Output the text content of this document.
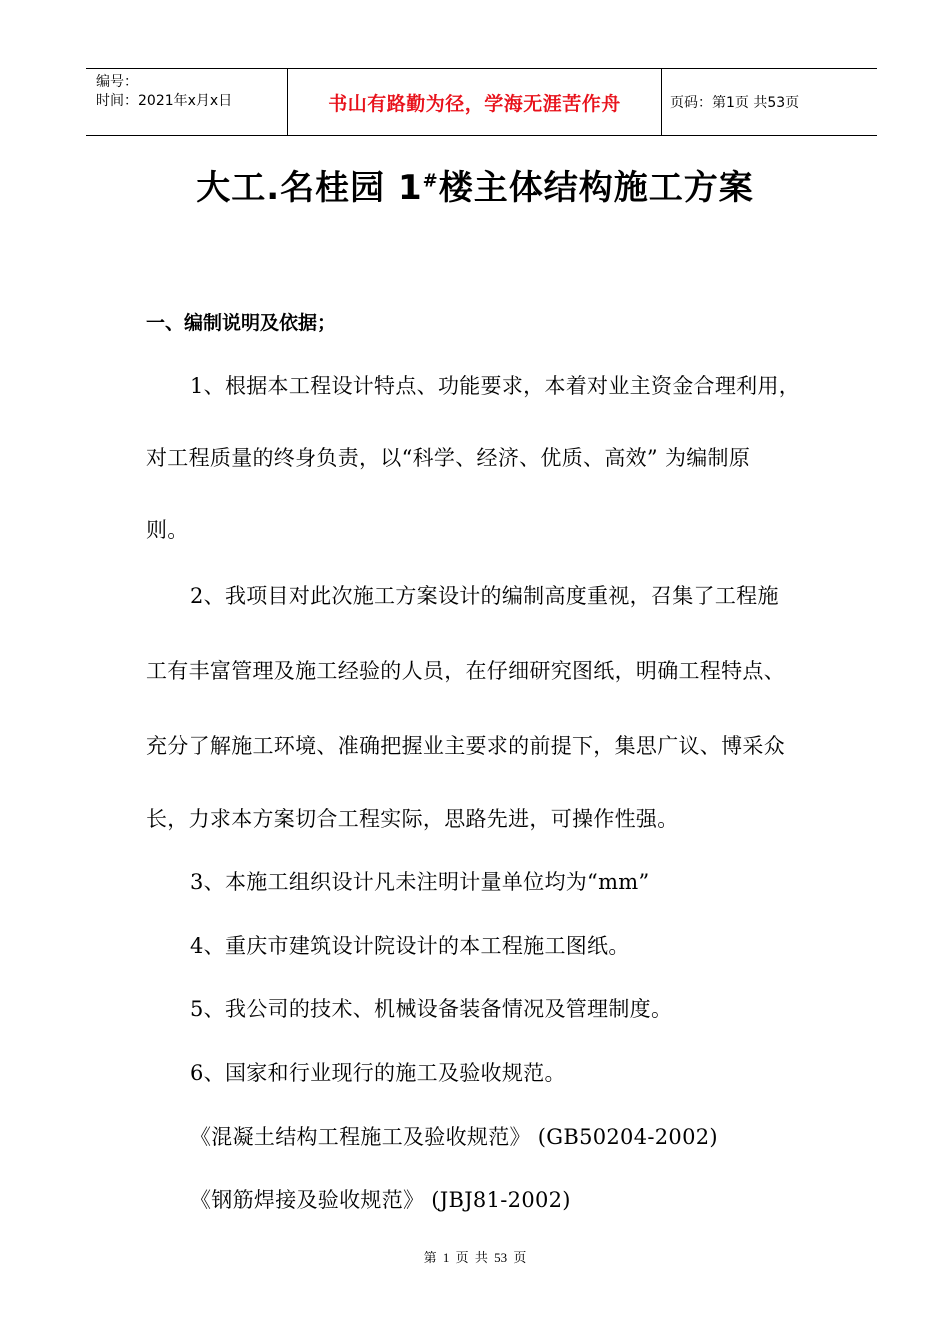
编号：
时间：2021年x月x日	书山有路勤为径，学海无涯苦作舟	页码：第1页 共53页
大工.名桂园 1#楼主体结构施工方案
一、编制说明及依据；
1、根据本工程设计特点、功能要求，本着对业主资金合理利用，
对工程质量的终身负责，以“科学、经济、优质、高效” 为编制原
则。
2、我项目对此次施工方案设计的编制高度重视，召集了工程施
工有丰富管理及施工经验的人员，在仔细研究图纸，明确工程特点、
充分了解施工环境、准确把握业主要求的前提下，集思广议、博采众
长，力求本方案切合工程实际，思路先进，可操作性强。
3、本施工组织设计凡未注明计量单位均为“mm”
4、重庆市建筑设计院设计的本工程施工图纸。
5、我公司的技术、机械设备装备情况及管理制度。
6、国家和行业现行的施工及验收规范。
《混凝土结构工程施工及验收规范》 (GB50204-2002)
《钢筋焊接及验收规范》 (JBJ81-2002)
第 1 页 共 53 页
